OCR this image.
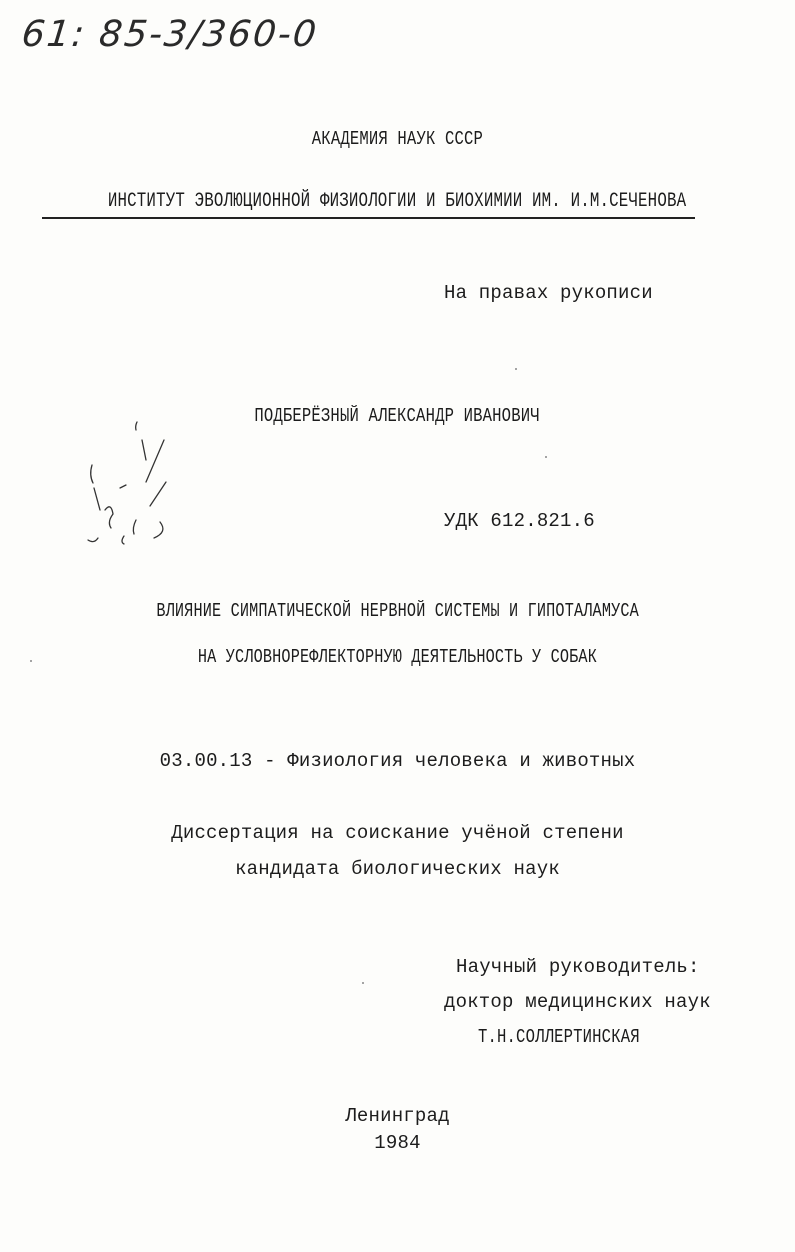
61: 85-3/360-0
АКАДЕМИЯ НАУК СССР
ИНСТИТУТ ЭВОЛЮЦИОННОЙ ФИЗИОЛОГИИ И БИОХИМИИ ИМ. И.М.СЕЧЕНОВА
На правах рукописи
ПОДБЕРЁЗНЫЙ АЛЕКСАНДР ИВАНОВИЧ
УДК 612.821.6
ВЛИЯНИЕ СИМПАТИЧЕСКОЙ НЕРВНОЙ СИСТЕМЫ И ГИПОТАЛАМУСА
НА УСЛОВНОРЕФЛЕКТОРНУЮ ДЕЯТЕЛЬНОСТЬ У СОБАК
03.00.13 - Физиология человека и животных
Диссертация на соискание учёной степени
кандидата биологических наук
Научный руководитель:
доктор медицинских наук
Т.Н.СОЛЛЕРТИНСКАЯ
Ленинград
1984
